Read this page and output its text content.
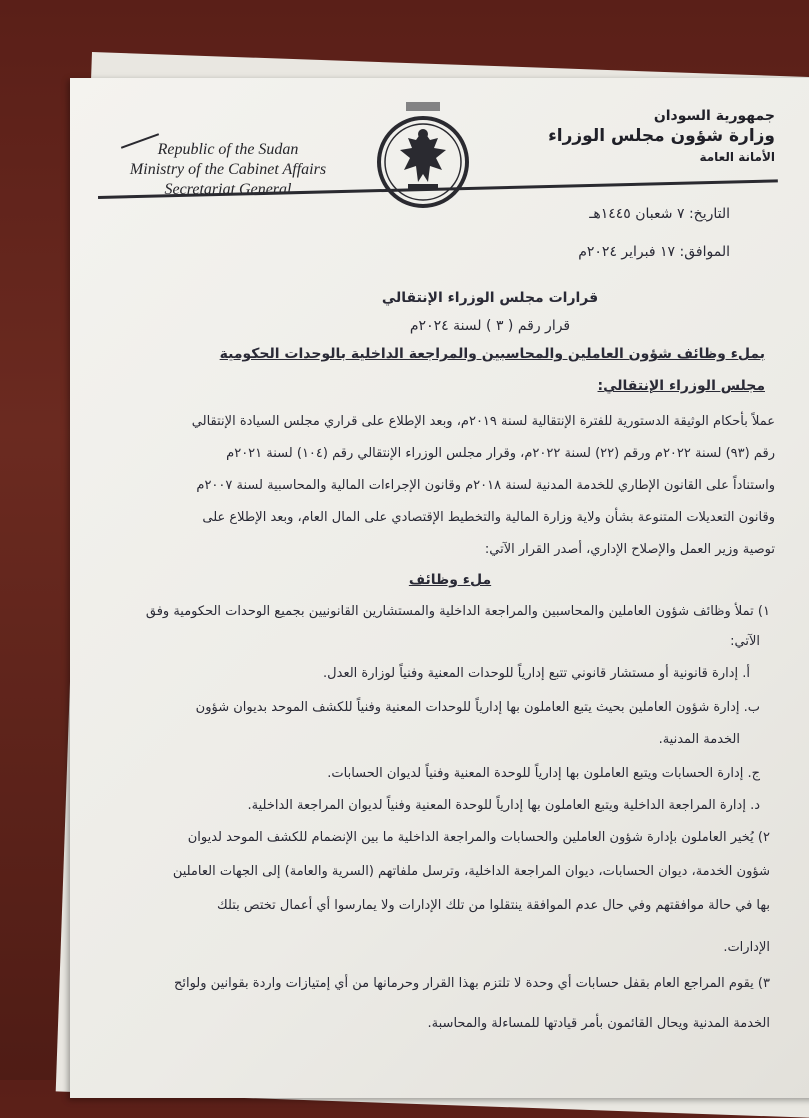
Republic of the Sudan
Ministry of the Cabinet Affairs
Secretariat General
جمهورية السودان
وزارة شؤون مجلس الوزراء
الأمانة العامة
التاريخ: ٧ شعبان ١٤٤٥هـ
الموافق: ١٧ فبراير ٢٠٢٤م
قرارات مجلس الوزراء الإنتقالي
قرار رقم ( ٣ ) لسنة ٢٠٢٤م
بملء وظائف شؤون العاملين والمحاسبين والمراجعة الداخلية بالوحدات الحكومية
مجلس الوزراء الإنتقالي:
عملاً بأحكام الوثيقة الدستورية للفترة الإنتقالية لسنة ٢٠١٩م، وبعد الإطلاع على قراري مجلس السيادة الإنتقالي
رقم (٩٣) لسنة ٢٠٢٢م ورقم (٢٢) لسنة ٢٠٢٢م، وقرار مجلس الوزراء الإنتقالي رقم (١٠٤) لسنة ٢٠٢١م
واستناداً على القانون الإطاري للخدمة المدنية لسنة ٢٠١٨م وقانون الإجراءات المالية والمحاسبية لسنة ٢٠٠٧م
وقانون التعديلات المتنوعة بشأن ولاية وزارة المالية والتخطيط الإقتصادي على المال العام، وبعد الإطلاع على
توصية وزير العمل والإصلاح الإداري، أصدر القرار الآتي:
ملء وظائف
١) تملأ وظائف شؤون العاملين والمحاسبين والمراجعة الداخلية والمستشارين القانونيين بجميع الوحدات الحكومية وفق
الآتي:
أ. إدارة قانونية أو مستشار قانوني تتبع إدارياً للوحدات المعنية وفنياً لوزارة العدل.
ب. إدارة شؤون العاملين بحيث يتبع العاملون بها إدارياً للوحدات المعنية وفنياً للكشف الموحد بديوان شؤون
الخدمة المدنية.
ج. إدارة الحسابات ويتبع العاملون بها إدارياً للوحدة المعنية وفنياً لديوان الحسابات.
د. إدارة المراجعة الداخلية ويتبع العاملون بها إدارياً للوحدة المعنية وفنياً لديوان المراجعة الداخلية.
٢) يُخير العاملون بإدارة شؤون العاملين والحسابات والمراجعة الداخلية ما بين الإنضمام للكشف الموحد لديوان
شؤون الخدمة، ديوان الحسابات، ديوان المراجعة الداخلية، وترسل ملفاتهم (السرية والعامة) إلى الجهات العاملين
بها في حالة موافقتهم وفي حال عدم الموافقة ينتقلوا من تلك الإدارات ولا يمارسوا أي أعمال تختص بتلك
الإدارات.
٣) يقوم المراجع العام بقفل حسابات أي وحدة لا تلتزم بهذا القرار وحرمانها من أي إمتيازات واردة بقوانين ولوائح
الخدمة المدنية ويحال القائمون بأمر قيادتها للمساءلة والمحاسبة.
